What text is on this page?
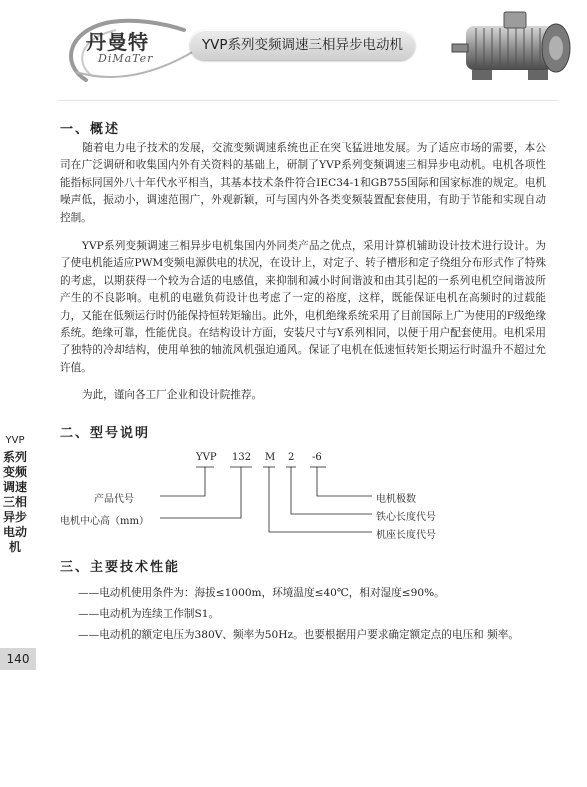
丹曼特
DiMaTer
YVP系列变频调速三相异步电动机
YVP
系列变频调速三相异步电动机
140
一、概述
随着电力电子技术的发展，交流变频调速系统也正在突飞猛进地发展。为了适应市场的需要，本公司在广泛调研和收集国内外有关资料的基础上，研制了YVP系列变频调速三相异步电动机。电机各项性能指标同国外八十年代水平相当，其基本技术条件符合IEC34-1和GB755国际和国家标准的规定。电机噪声低，振动小，调速范围广，外观新颖，可与国内外各类变频装置配套使用，有助于节能和实现自动控制。
YVP系列变频调速三相异步电机集国内外同类产品之优点，采用计算机辅助设计技术进行设计。为了使电机能适应PWM变频电源供电的状况，在设计上，对定子、转子槽形和定子绕组分布形式作了特殊的考虑，以期获得一个较为合适的电感值，来抑制和减小时间谐波和由其引起的一系列电机空间谐波所产生的不良影响。电机的电磁负荷设计也考虑了一定的裕度，这样，既能保证电机在高频时的过载能力，又能在低频运行时仍能保持恒转矩输出。此外，电机绝缘系统采用了目前国际上广为使用的F级绝缘系统。绝缘可靠，性能优良。在结构设计方面，安装尺寸与Y系列相同，以便于用户配套使用。电机采用了独特的冷却结构，使用单独的轴流风机强迫通风。保证了电机在低速恒转矩长期运行时温升不超过允许值。
为此，谨向各工厂企业和设计院推荐。
二、型号说明
YVP 132 M 2 -6
产品代号
电机中心高（mm）
电机极数
铁心长度代号
机座长度代号
三、主要技术性能
——电动机使用条件为：海拔≤1000m，环境温度≤40℃，相对湿度≤90%。
——电动机为连续工作制S1。
——电动机的额定电压为380V、频率为50Hz。也要根据用户要求确定额定点的电压和 频率。
